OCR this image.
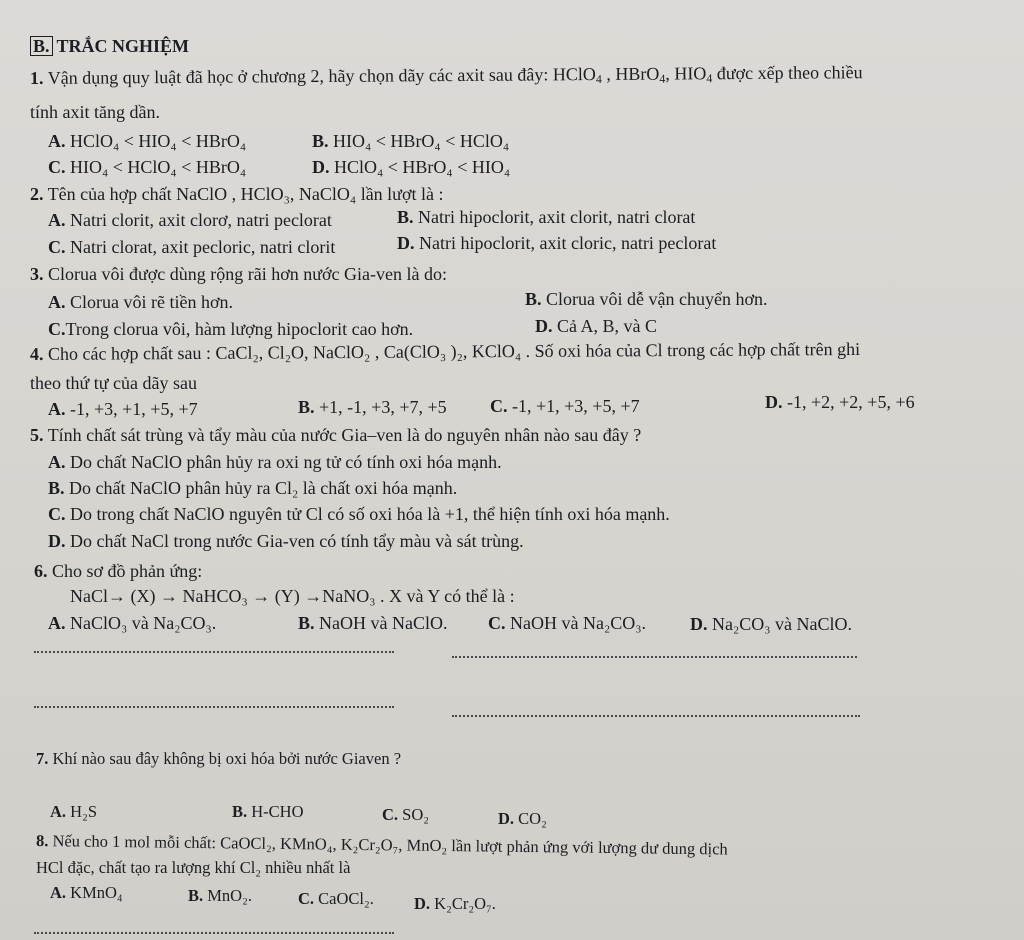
B. TRẮC NGHIỆM
1. Vận dụng quy luật đã học ở chương 2, hãy chọn dãy các axit sau đây: HClO$_4$ , HBrO$_4$, $HIO_4$ được xếp theo chiều
tính axit tăng dần.
A. HClO₄ < HIO₄ < HBrO₄	B. HIO₄ < HBrO₄ < HClO₄
C. HIO₄ < HClO₄ < HBrO₄	D. HClO₄ < HBrO₄ < HIO₄
2. Tên của hợp chất NaClO , HClO₃, NaClO₄ lần lượt là :
A. Natri clorit, axit clorơ, natri peclorat	B. Natri hipoclorit, axit clorit, natri clorat
C. Natri clorat, axit pecloric, natri clorit	D. Natri hipoclorit, axit cloric, natri peclorat
3. Clorua vôi được dùng rộng rãi hơn nước Gia-ven là do:
A. Clorua vôi rẽ tiền hơn.	B. Clorua vôi dễ vận chuyển hơn.
C.Trong clorua vôi, hàm lượng hipoclorit cao hơn.	D. Cả A, B, và C
4. Cho các hợp chất sau : CaCl₂, Cl₂O, NaClO₂ , Ca(ClO₃ )₂, KClO₄ . Số oxi hóa của Cl trong các hợp chất trên ghi
theo thứ tự của dãy sau
A. -1, +3, +1, +5, +7	B. +1, -1, +3, +7, +5 C. -1, +1, +3, +5, +7	D. -1, +2, +2, +5, +6
5. Tính chất sát trùng và tẩy màu của nước Gia–ven là do nguyên nhân nào sau đây ?
A. Do chất NaClO phân hủy ra oxi ng tử có tính oxi hóa mạnh.
B. Do chất NaClO phân hủy ra Cl₂ là chất oxi hóa mạnh.
C. Do trong chất NaClO nguyên tử Cl có số oxi hóa là +1, thể hiện tính oxi hóa mạnh.
D. Do chất NaCl trong nước Gia-ven có tính tẩy màu và sát trùng.
6. Cho sơ đồ phản ứng:
NaCl→ (X) → NaHCO₃ → (Y) →NaNO₃ . X và Y có thể là :
A. NaClO₃ và Na₂CO₃.	B. NaOH và NaClO. C. NaOH và Na₂CO₃. D. Na₂CO₃ và NaClO.
7. Khí nào sau đây không bị oxi hóa bởi nước Giaven ?
A. H₂S	B. H-CHO	C. SO₂	D. CO₂
8. Nếu cho 1 mol mỗi chất: CaOCl₂, KMnO₄, K₂Cr₂O₇, MnO₂ lần lượt phản ứng với lượng dư dung dịch
HCl đặc, chất tạo ra lượng khí Cl₂ nhiều nhất là
A. KMnO₄	B. MnO₂.	C. CaOCl₂. D. K₂Cr₂O₇.
